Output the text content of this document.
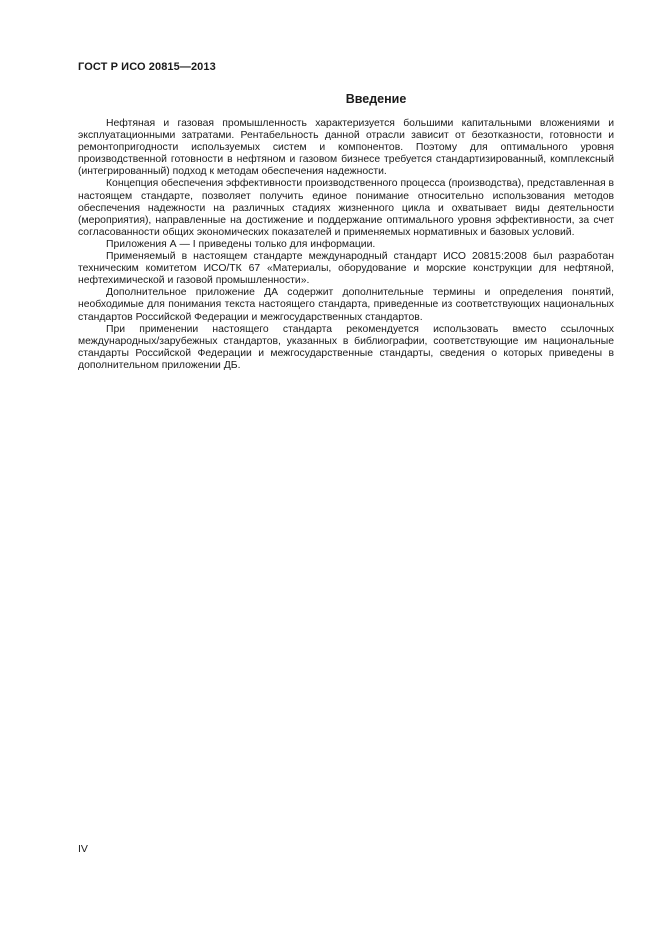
ГОСТ Р ИСО 20815—2013
Введение

Нефтяная и газовая промышленность характеризуется большими капитальными вложениями и эксплуатационными затратами. Рентабельность данной отрасли зависит от безотказности, готовности и ремонтопригодности используемых систем и компонентов. Поэтому для оптимального уровня производственной готовности в нефтяном и газовом бизнесе требуется стандартизированный, комплексный (интегрированный) подход к методам обеспечения надежности.

Концепция обеспечения эффективности производственного процесса (производства), представленная в настоящем стандарте, позволяет получить единое понимание относительно использования методов обеспечения надежности на различных стадиях жизненного цикла и охватывает виды деятельности (мероприятия), направленные на достижение и поддержание оптимального уровня эффективности, за счет согласованности общих экономических показателей и применяемых нормативных и базовых условий.

Приложения А — I приведены только для информации.

Применяемый в настоящем стандарте международный стандарт ИСО 20815:2008 был разработан техническим комитетом ИСО/ТК 67 «Материалы, оборудование и морские конструкции для нефтяной, нефтехимической и газовой промышленности».

Дополнительное приложение ДА содержит дополнительные термины и определения понятий, необходимые для понимания текста настоящего стандарта, приведенные из соответствующих национальных стандартов Российской Федерации и межгосударственных стандартов.

При применении настоящего стандарта рекомендуется использовать вместо ссылочных международных/зарубежных стандартов, указанных в библиографии, соответствующие им национальные стандарты Российской Федерации и межгосударственные стандарты, сведения о которых приведены в дополнительном приложении ДБ.

IV
